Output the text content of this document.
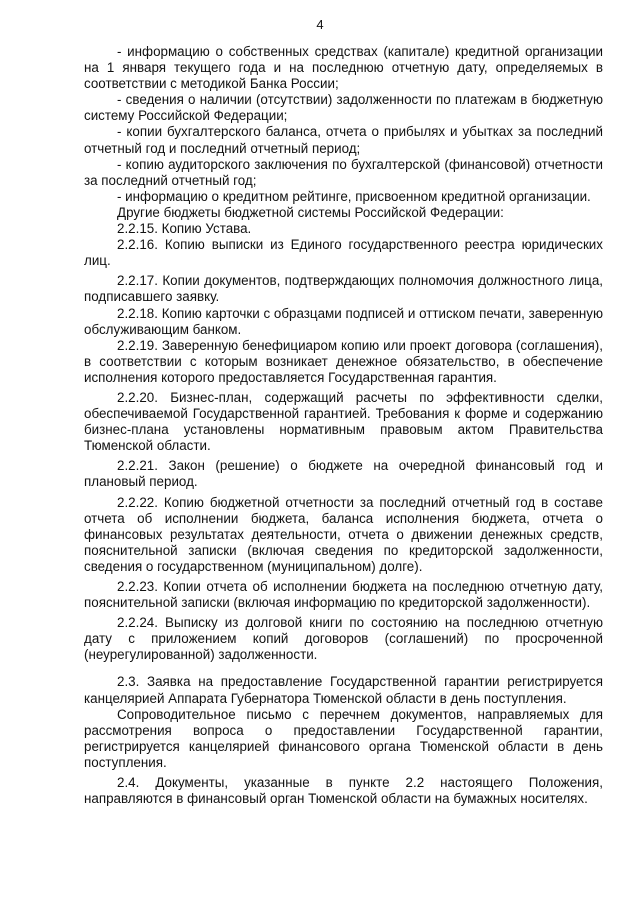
4

- информацию о собственных средствах (капитале) кредитной организации на 1 января текущего года и на последнюю отчетную дату, определяемых в соответствии с методикой Банка России;

- сведения о наличии (отсутствии) задолженности по платежам в бюджетную систему Российской Федерации;

- копии бухгалтерского баланса, отчета о прибылях и убытках за последний отчетный год и последний отчетный период;

- копию аудиторского заключения по бухгалтерской (финансовой) отчетности за последний отчетный год;

- информацию о кредитном рейтинге, присвоенном кредитной организации.

Другие бюджеты бюджетной системы Российской Федерации:

2.2.15. Копию Устава.

2.2.16. Копию выписки из Единого государственного реестра юридических лиц.

2.2.17. Копии документов, подтверждающих полномочия должностного лица, подписавшего заявку.

2.2.18. Копию карточки с образцами подписей и оттиском печати, заверенную обслуживающим банком.

2.2.19. Заверенную бенефициаром копию или проект договора (соглашения), в соответствии с которым возникает денежное обязательство, в обеспечение исполнения которого предоставляется Государственная гарантия.

2.2.20. Бизнес-план, содержащий расчеты по эффективности сделки, обеспечиваемой Государственной гарантией. Требования к форме и содержанию бизнес-плана установлены нормативным правовым актом Правительства Тюменской области.

2.2.21. Закон (решение) о бюджете на очередной финансовый год и плановый период.

2.2.22. Копию бюджетной отчетности за последний отчетный год в составе отчета об исполнении бюджета, баланса исполнения бюджета, отчета о финансовых результатах деятельности, отчета о движении денежных средств, пояснительной записки (включая сведения по кредиторской задолженности, сведения о государственном (муниципальном) долге).

2.2.23. Копии отчета об исполнении бюджета на последнюю отчетную дату, пояснительной записки (включая информацию по кредиторской задолженности).

2.2.24. Выписку из долговой книги по состоянию на последнюю отчетную дату с приложением копий договоров (соглашений) по просроченной (неурегулированной) задолженности.

2.3. Заявка на предоставление Государственной гарантии регистрируется канцелярией Аппарата Губернатора Тюменской области в день поступления.

Сопроводительное письмо с перечнем документов, направляемых для рассмотрения вопроса о предоставлении Государственной гарантии, регистрируется канцелярией финансового органа Тюменской области в день поступления.

2.4. Документы, указанные в пункте 2.2 настоящего Положения, направляются в финансовый орган Тюменской области на бумажных носителях.
